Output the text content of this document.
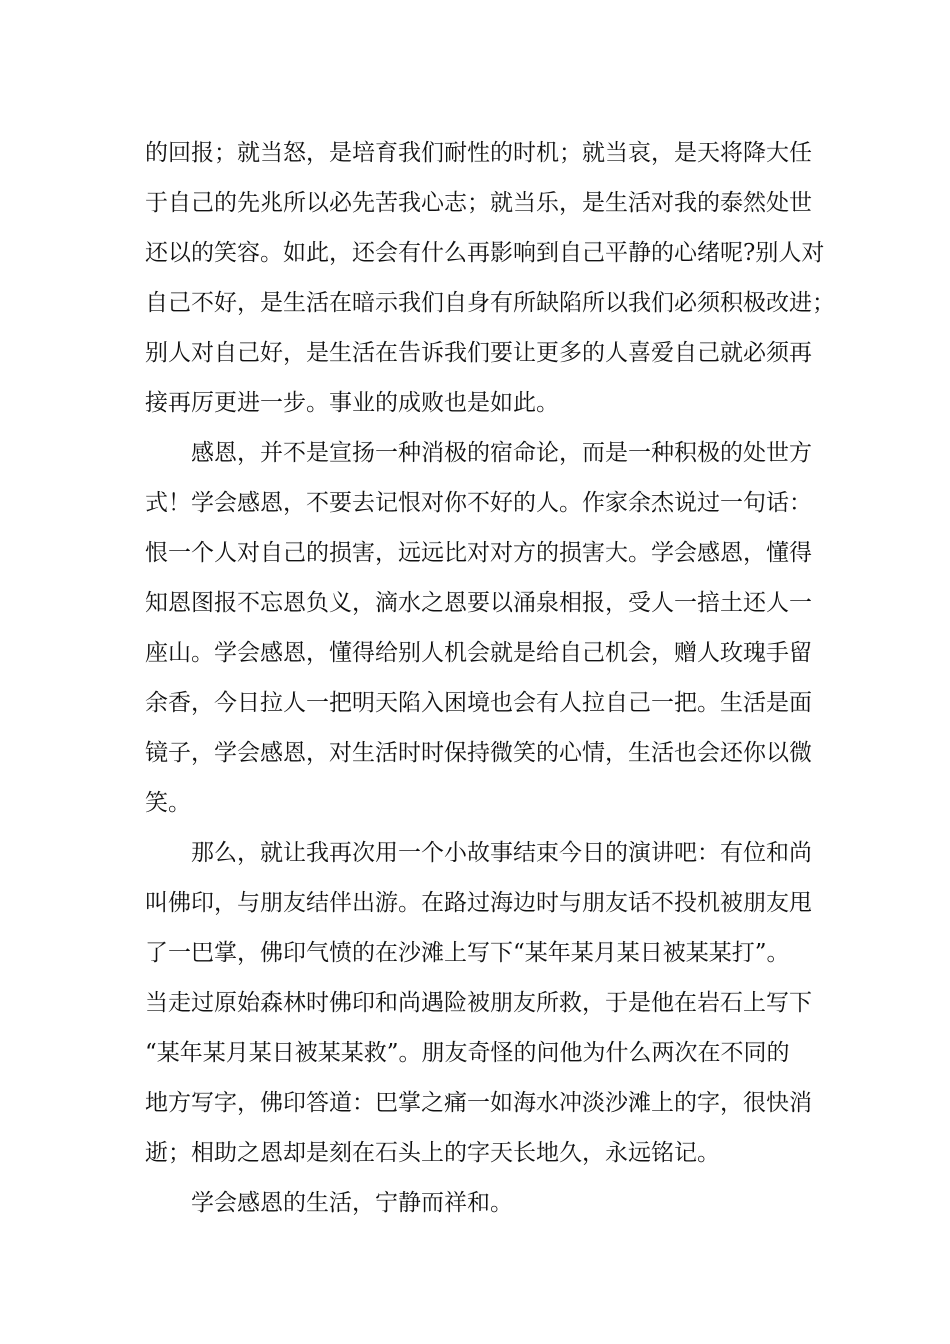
的回报；就当怒，是培育我们耐性的时机；就当哀，是天将降大任
于自己的先兆所以必先苦我心志；就当乐，是生活对我的泰然处世
还以的笑容。如此，还会有什么再影响到自己平静的心绪呢?别人对
自己不好，是生活在暗示我们自身有所缺陷所以我们必须积极改进；
别人对自己好，是生活在告诉我们要让更多的人喜爱自己就必须再
接再厉更进一步。事业的成败也是如此。
感恩，并不是宣扬一种消极的宿命论，而是一种积极的处世方
式！学会感恩，不要去记恨对你不好的人。作家余杰说过一句话：
恨一个人对自己的损害，远远比对对方的损害大。学会感恩，懂得
知恩图报不忘恩负义，滴水之恩要以涌泉相报，受人一掊土还人一
座山。学会感恩，懂得给别人机会就是给自己机会，赠人玫瑰手留
余香，今日拉人一把明天陷入困境也会有人拉自己一把。生活是面
镜子，学会感恩，对生活时时保持微笑的心情，生活也会还你以微
笑。
那么，就让我再次用一个小故事结束今日的演讲吧：有位和尚
叫佛印，与朋友结伴出游。在路过海边时与朋友话不投机被朋友甩
了一巴掌，佛印气愤的在沙滩上写下“某年某月某日被某某打”。
当走过原始森林时佛印和尚遇险被朋友所救，于是他在岩石上写下
“某年某月某日被某某救”。朋友奇怪的问他为什么两次在不同的
地方写字，佛印答道：巴掌之痛一如海水冲淡沙滩上的字，很快消
逝；相助之恩却是刻在石头上的字天长地久，永远铭记。
学会感恩的生活，宁静而祥和。
